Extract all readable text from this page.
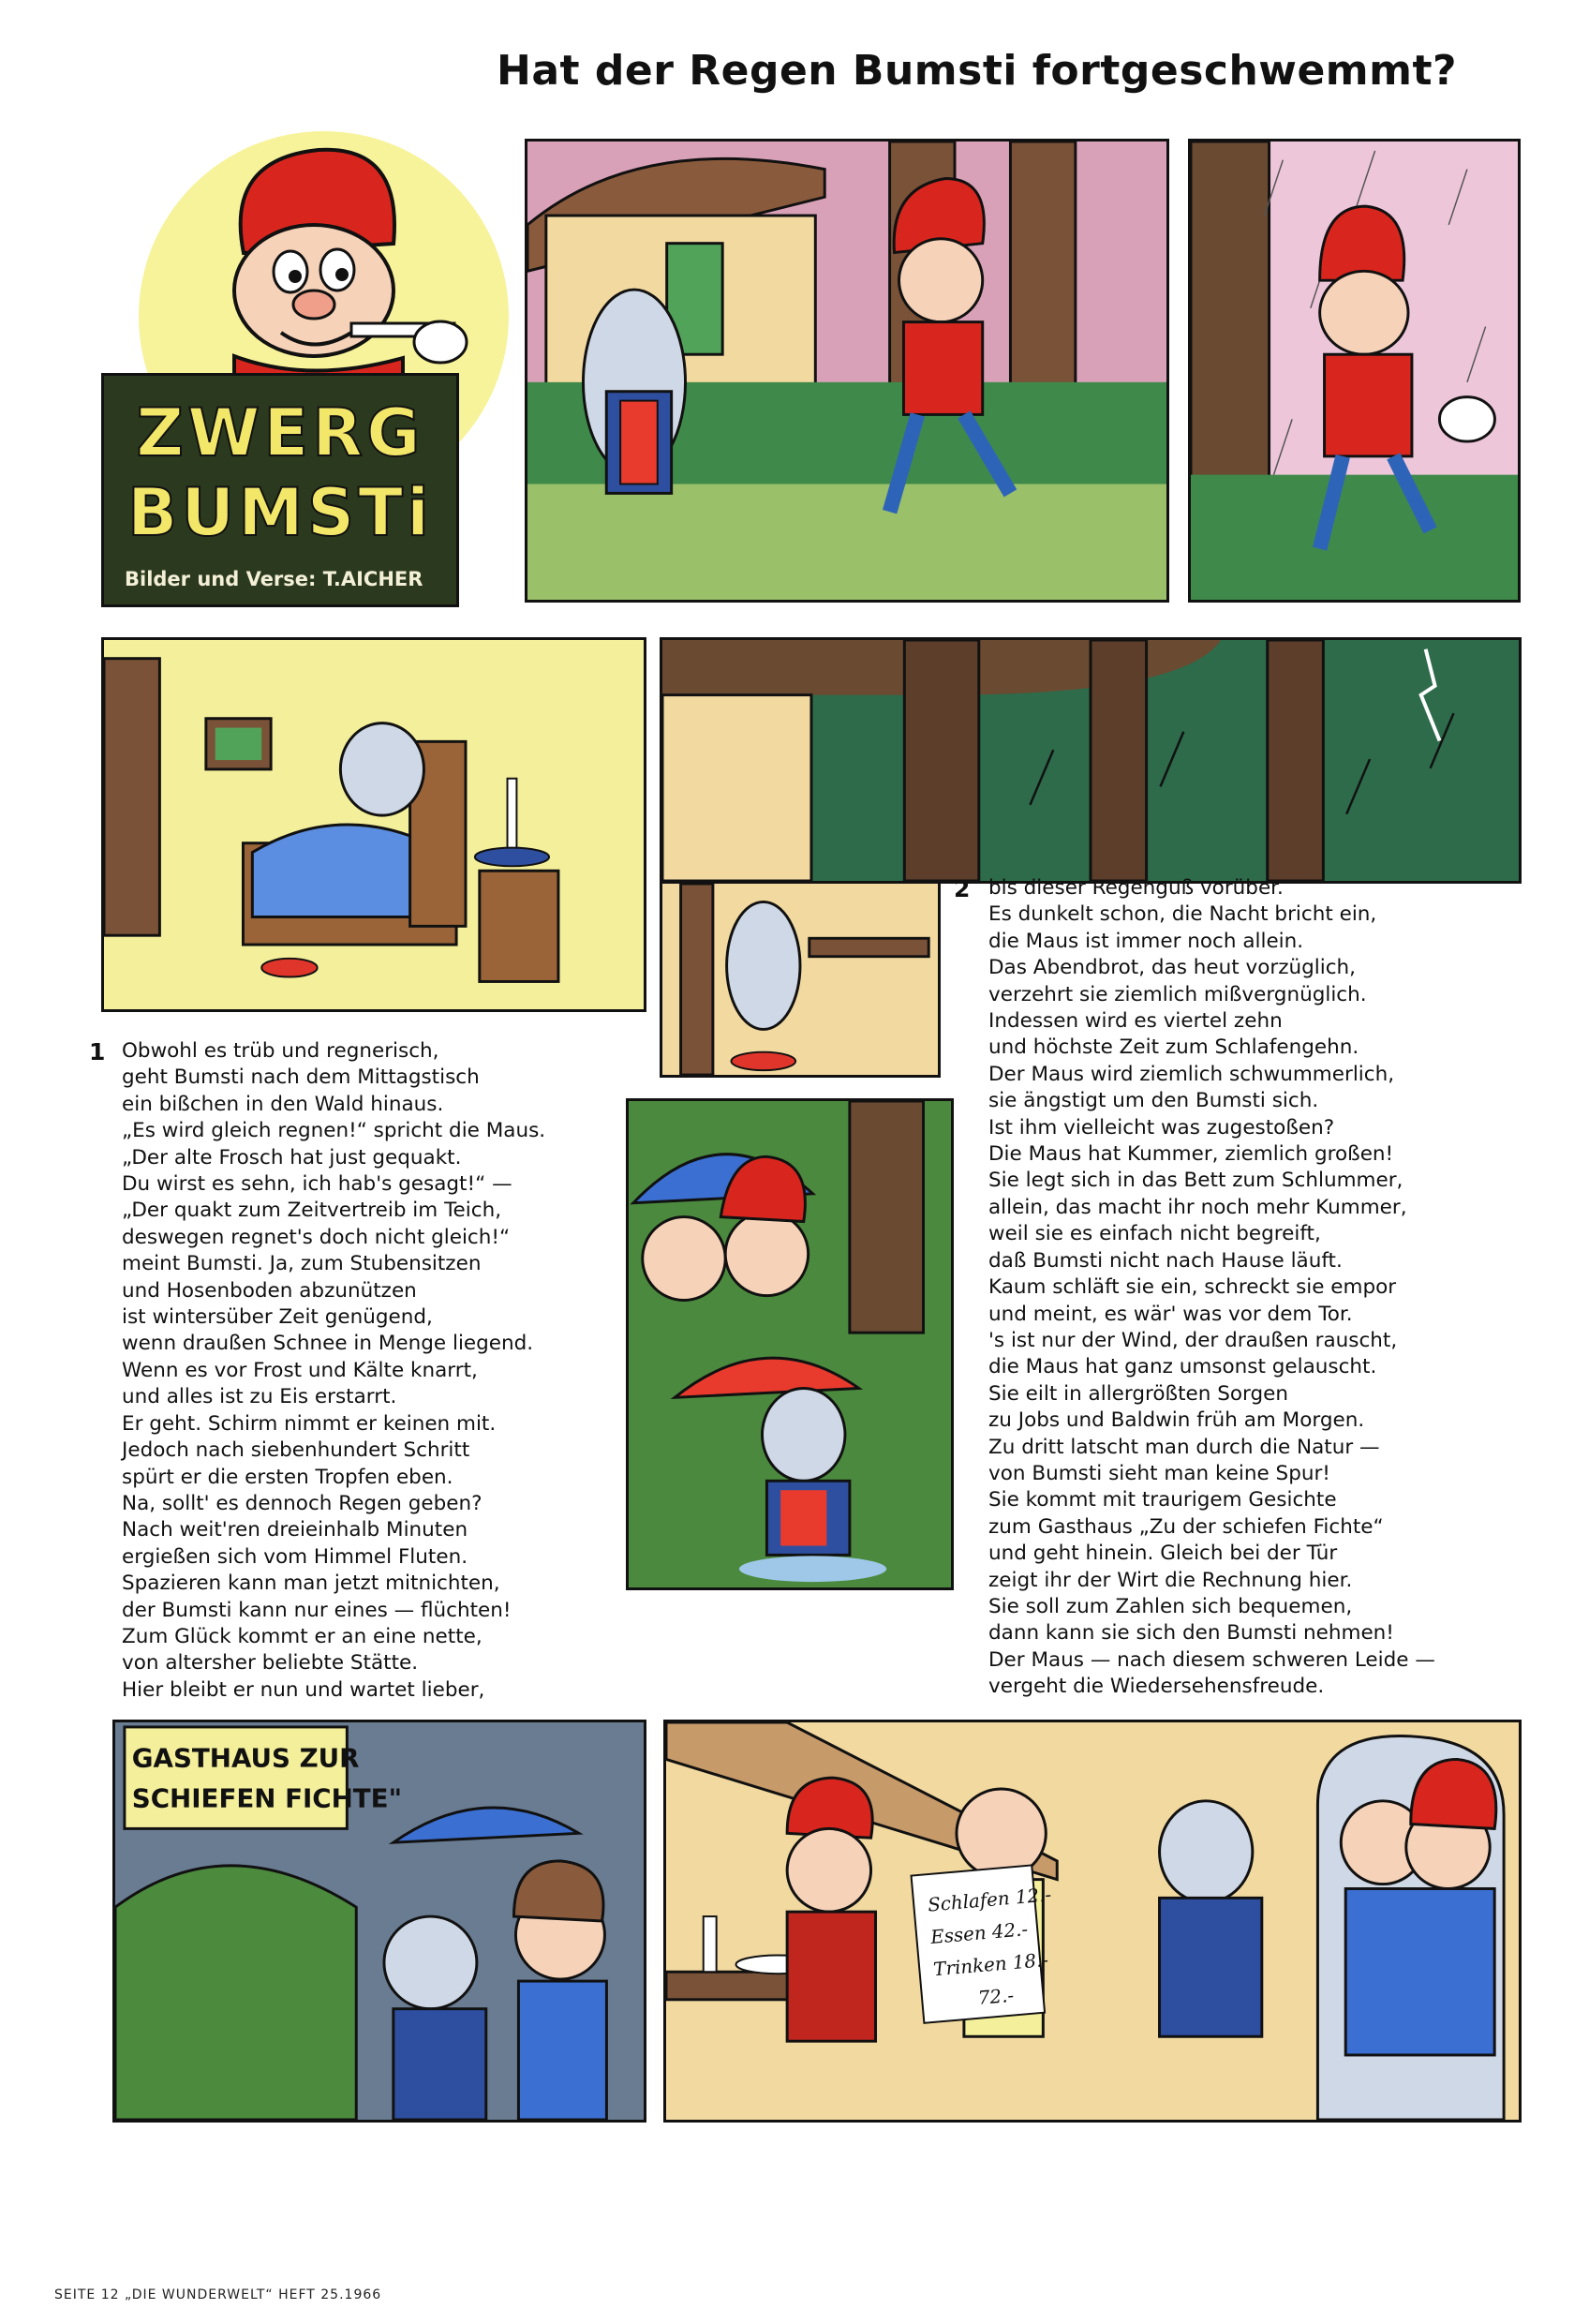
Hat der Regen Bumsti fortgeschwemmt?
ZWERG
BUMSTi
Bilder und Verse: T.AICHER
GASTHAUS ZUR
SCHIEFEN FICHTE"
Schlafen 12.-
Essen 42.-
Trinken 18.-
72.-
1 Obwohl es trüb und regnerisch,
geht Bumsti nach dem Mittagstisch
ein bißchen in den Wald hinaus.
„Es wird gleich regnen!“ spricht die Maus.
„Der alte Frosch hat just gequakt.
Du wirst es sehn, ich hab's gesagt!“ —
„Der quakt zum Zeitvertreib im Teich,
deswegen regnet's doch nicht gleich!“
meint Bumsti. Ja, zum Stubensitzen
und Hosenboden abzunützen
ist wintersüber Zeit genügend,
wenn draußen Schnee in Menge liegend.
Wenn es vor Frost und Kälte knarrt,
und alles ist zu Eis erstarrt.
Er geht. Schirm nimmt er keinen mit.
Jedoch nach siebenhundert Schritt
spürt er die ersten Tropfen eben.
Na, sollt' es dennoch Regen geben?
Nach weit'ren dreieinhalb Minuten
ergießen sich vom Himmel Fluten.
Spazieren kann man jetzt mitnichten,
der Bumsti kann nur eines — flüchten!
Zum Glück kommt er an eine nette,
von altersher beliebte Stätte.
Hier bleibt er nun und wartet lieber,
2 bis dieser Regenguß vorüber.
Es dunkelt schon, die Nacht bricht ein,
die Maus ist immer noch allein.
Das Abendbrot, das heut vorzüglich,
verzehrt sie ziemlich mißvergnüglich.
Indessen wird es viertel zehn
und höchste Zeit zum Schlafengehn.
Der Maus wird ziemlich schwummerlich,
sie ängstigt um den Bumsti sich.
Ist ihm vielleicht was zugestoßen?
Die Maus hat Kummer, ziemlich großen!
Sie legt sich in das Bett zum Schlummer,
allein, das macht ihr noch mehr Kummer,
weil sie es einfach nicht begreift,
daß Bumsti nicht nach Hause läuft.
Kaum schläft sie ein, schreckt sie empor
und meint, es wär' was vor dem Tor.
's ist nur der Wind, der draußen rauscht,
die Maus hat ganz umsonst gelauscht.
Sie eilt in allergrößten Sorgen
zu Jobs und Baldwin früh am Morgen.
Zu dritt latscht man durch die Natur —
von Bumsti sieht man keine Spur!
Sie kommt mit traurigem Gesichte
zum Gasthaus „Zu der schiefen Fichte“
und geht hinein. Gleich bei der Tür
zeigt ihr der Wirt die Rechnung hier.
Sie soll zum Zahlen sich bequemen,
dann kann sie sich den Bumsti nehmen!
Der Maus — nach diesem schweren Leide —
vergeht die Wiedersehensfreude.
SEITE 12 „DIE WUNDERWELT“ HEFT 25.1966
